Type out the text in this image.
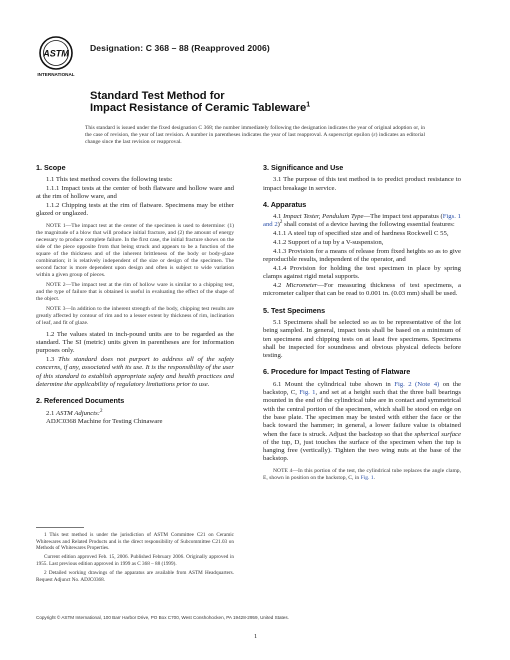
ASTM
INTERNATIONAL
Designation: C 368 – 88 (Reapproved 2006)
Standard Test Method for
Impact Resistance of Ceramic Tableware$^1$
This standard is issued under the fixed designation C 368; the number immediately following the designation indicates the year of original adoption or, in the case of revision, the year of last revision. A number in parentheses indicates the year of last reapproval. A superscript epsilon (ε) indicates an editorial change since the last revision or reapproval.
1. Scope
1.1 This test method covers the following tests:
1.1.1 Impact tests at the center of both flatware and hollow ware and at the rim of hollow ware, and
1.1.2 Chipping tests at the rim of flatware. Specimens may be either glazed or unglazed.
NOTE 1—The impact test at the center of the specimen is used to determine: (1) the magnitude of a blow that will produce initial fracture, and (2) the amount of energy necessary to produce complete failure. In the first case, the initial fracture shows on the side of the piece opposite from that being struck and appears to be a function of the square of the thickness and of the inherent brittleness of the body or body-glaze combination; it is relatively independent of the size or design of the specimen. The second factor is more dependent upon design and often is subject to wide variation within a given group of pieces.
NOTE 2—The impact test at the rim of hollow ware is similar to a chipping test, and the type of failure that is obtained is useful in evaluating the effect of the shape of the object.
NOTE 3—In addition to the inherent strength of the body, chipping test results are greatly affected by contour of rim and to a lesser extent by thickness of rim, inclination of leaf, and fit of glaze.
1.2 The values stated in inch-pound units are to be regarded as the standard. The SI (metric) units given in parentheses are for information purposes only.
1.3 This standard does not purport to address all of the safety concerns, if any, associated with its use. It is the responsibility of the user of this standard to establish appropriate safety and health practices and determine the applicability of regulatory limitations prior to use.
2. Referenced Documents
2.1 ASTM Adjuncts:$^2$
ADJC0368 Machine for Testing Chinaware
1 This test method is under the jurisdiction of ASTM Committee C21 on Ceramic Whitewares and Related Products and is the direct responsibility of Subcommittee C21.03 on Methods of Whitewares Properties.
Current edition approved Feb. 15, 2006. Published February 2006. Originally approved in 1955. Last previous edition approved in 1999 as C 368 – 88 (1999).
2 Detailed working drawings of the apparatus are available from ASTM Headquarters. Request Adjunct No. ADJC0368.
3. Significance and Use
3.1 The purpose of this test method is to predict product resistance to impact breakage in service.
4. Apparatus
4.1 Impact Tester, Pendulum Type—The impact test apparatus (Figs. 1 and 2)$^2$ shall consist of a device having the following essential features:
4.1.1 A steel tup of specified size and of hardness Rockwell C 55,
4.1.2 Support of a tup by a V-suspension,
4.1.3 Provision for a means of release from fixed heights so as to give reproducible results, independent of the operator, and
4.1.4 Provision for holding the test specimen in place by spring clamps against rigid metal supports.
4.2 Micrometer—For measuring thickness of test specimens, a micrometer caliper that can be read to 0.001 in. (0.03 mm) shall be used.
5. Test Specimens
5.1 Specimens shall be selected so as to be representative of the lot being sampled. In general, impact tests shall be based on a minimum of ten specimens and chipping tests on at least five specimens. Specimens shall be inspected for soundness and obvious physical defects before testing.
6. Procedure for Impact Testing of Flatware
6.1 Mount the cylindrical tube shown in Fig. 2 (Note 4) on the backstop, C, Fig. 1, and set at a height such that the three ball bearings mounted in the end of the cylindrical tube are in contact and symmetrical with the central portion of the specimen, which shall be stood on edge on the base plate. The specimen may be tested with either the face or the back toward the hammer; in general, a lower failure value is obtained when the face is struck. Adjust the backstop so that the spherical surface of the tup, D, just touches the surface of the specimen when the tup is hanging free (vertically). Tighten the two wing nuts at the base of the backstop.
NOTE 4—In this portion of the test, the cylindrical tube replaces the angle clamp, E, shown in position on the backstop, C, in Fig. 1.
Copyright © ASTM International, 100 Barr Harbor Drive, PO Box C700, West Conshohocken, PA 19428-2959, United States.
1
